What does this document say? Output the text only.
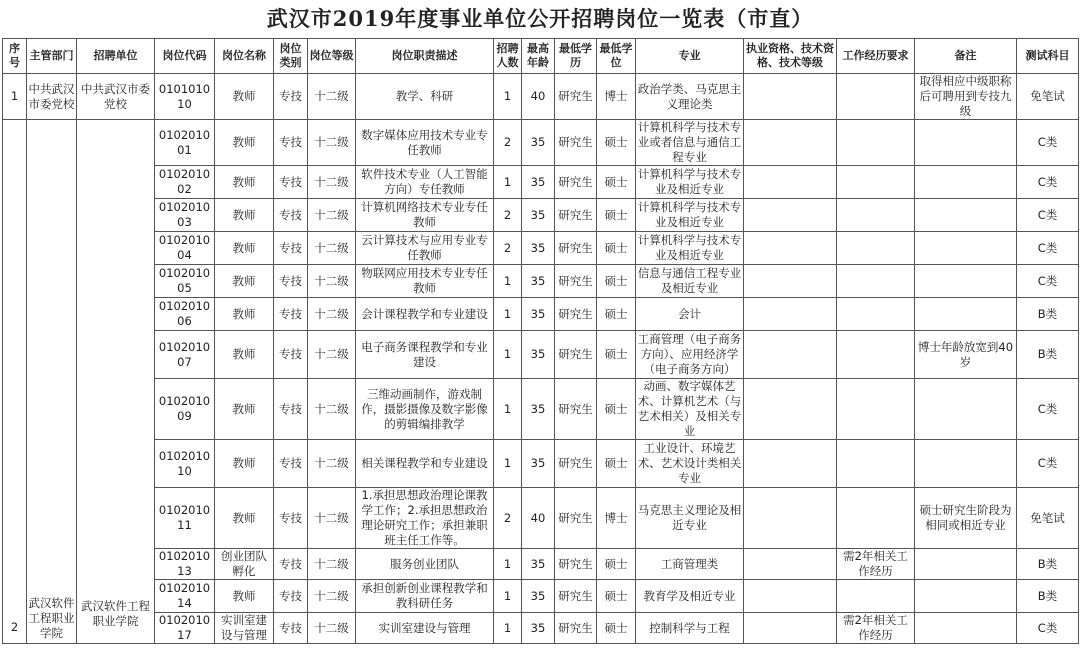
武汉市2019年度事业单位公开招聘岗位一览表（市直）
序号	主管部门	招聘单位	岗位代码	岗位名称	岗位类别	岗位等级	岗位职责描述	招聘人数	最高年龄	最低学历	最低学位	专业	执业资格、技术资格、技术等级	工作经历要求	备注	测试科目
1	中共武汉市委党校	中共武汉市委党校	010101010	教师	专技	十二级	教学、科研	1	40	研究生	博士	政治学类、马克思主义理论类			取得相应中级职称后可聘用到专技九级	免笔试
2	武汉软件工程职业学院	武汉软件工程职业学院	010201001	教师	专技	十二级	数字媒体应用技术专业专任教师	2	35	研究生	硕士	计算机科学与技术专业或者信息与通信工程专业				C类
			010201002	教师	专技	十二级	软件技术专业（人工智能方向）专任教师	1	35	研究生	硕士	计算机科学与技术专业及相近专业				C类
			010201003	教师	专技	十二级	计算机网络技术专业专任教师	2	35	研究生	硕士	计算机科学与技术专业及相近专业				C类
			010201004	教师	专技	十二级	云计算技术与应用专业专任教师	2	35	研究生	硕士	计算机科学与技术专业及相近专业				C类
			010201005	教师	专技	十二级	物联网应用技术专业专任教师	1	35	研究生	硕士	信息与通信工程专业及相近专业				C类
			010201006	教师	专技	十二级	会计课程教学和专业建设	1	35	研究生	硕士	会计				B类
			010201007	教师	专技	十二级	电子商务课程教学和专业建设	1	35	研究生	硕士	工商管理（电子商务方向）、应用经济学（电子商务方向）			博士年龄放宽到40岁	B类
			010201009	教师	专技	十二级	三维动画制作，游戏制作，摄影摄像及数字影像的剪辑编排教学	1	35	研究生	硕士	动画、数字媒体艺术、计算机艺术（与艺术相关）及相关专业				C类
			010201010	教师	专技	十二级	相关课程教学和专业建设	1	35	研究生	硕士	工业设计、环境艺术、艺术设计类相关专业				C类
			010201011	教师	专技	十二级	1.承担思想政治理论课教学工作；2.承担思想政治理论研究工作；承担兼职班主任工作等。	2	40	研究生	博士	马克思主义理论及相近专业			硕士研究生阶段为相同或相近专业	免笔试
			010201013	创业团队孵化	专技	十二级	服务创业团队	1	35	研究生	硕士	工商管理类		需2年相关工作经历		B类
			010201014	教师	专技	十二级	承担创新创业课程教学和教科研任务	1	35	研究生	硕士	教育学及相近专业				B类
			010201017	实训室建设与管理	专技	十二级	实训室建设与管理	1	35	研究生	硕士	控制科学与工程		需2年相关工作经历		C类
